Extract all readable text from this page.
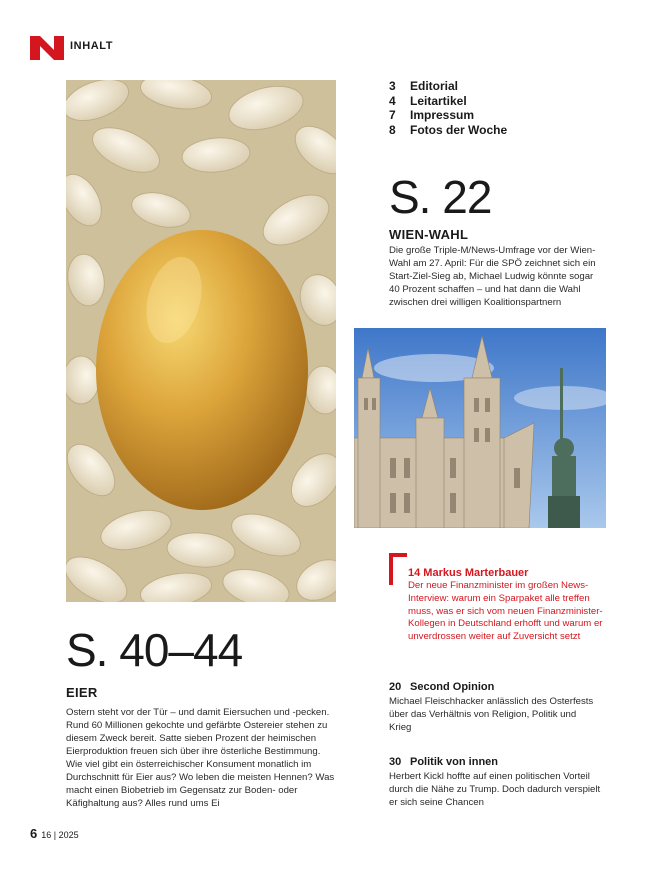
INHALT
3	Editorial
4	Leitartikel
7	Impressum
8	Fotos der Woche
S. 22
WIEN-WAHL
Die große Triple-M/News-Umfrage vor der Wien-Wahl am 27. April: Für die SPÖ zeichnet sich ein Start-Ziel-Sieg ab, Michael Ludwig könnte sogar 40 Prozent schaffen – und hat dann die Wahl zwischen drei willigen Koalitionspartnern
14 Markus Marterbauer
Der neue Finanzminister im großen News-Interview: warum ein Sparpaket alle treffen muss, was er sich vom neuen Finanzminister-Kollegen in Deutschland erhofft und warum er unverdrossen weiter auf Zuversicht setzt
S. 40–44
EIER
Ostern steht vor der Tür – und damit Eiersuchen und -pecken. Rund 60 Millionen gekochte und gefärbte Ostereier stehen zu diesem Zweck bereit. Satte sieben Prozent der heimischen Eierproduktion freuen sich über ihre österliche Bestimmung. Wie viel gibt ein österreichischer Konsument monatlich im Durchschnitt für Eier aus? Wo leben die meisten Hennen? Was macht einen Biobetrieb im Gegensatz zur Boden- oder Käfighaltung aus? Alles rund ums Ei
20 Second Opinion
Michael Fleischhacker anlässlich des Osterfests über das Verhältnis von Religion, Politik und Krieg
30 Politik von innen
Herbert Kickl hoffte auf einen politischen Vorteil durch die Nähe zu Trump. Doch dadurch verspielt er sich seine Chancen
6 16 | 2025
